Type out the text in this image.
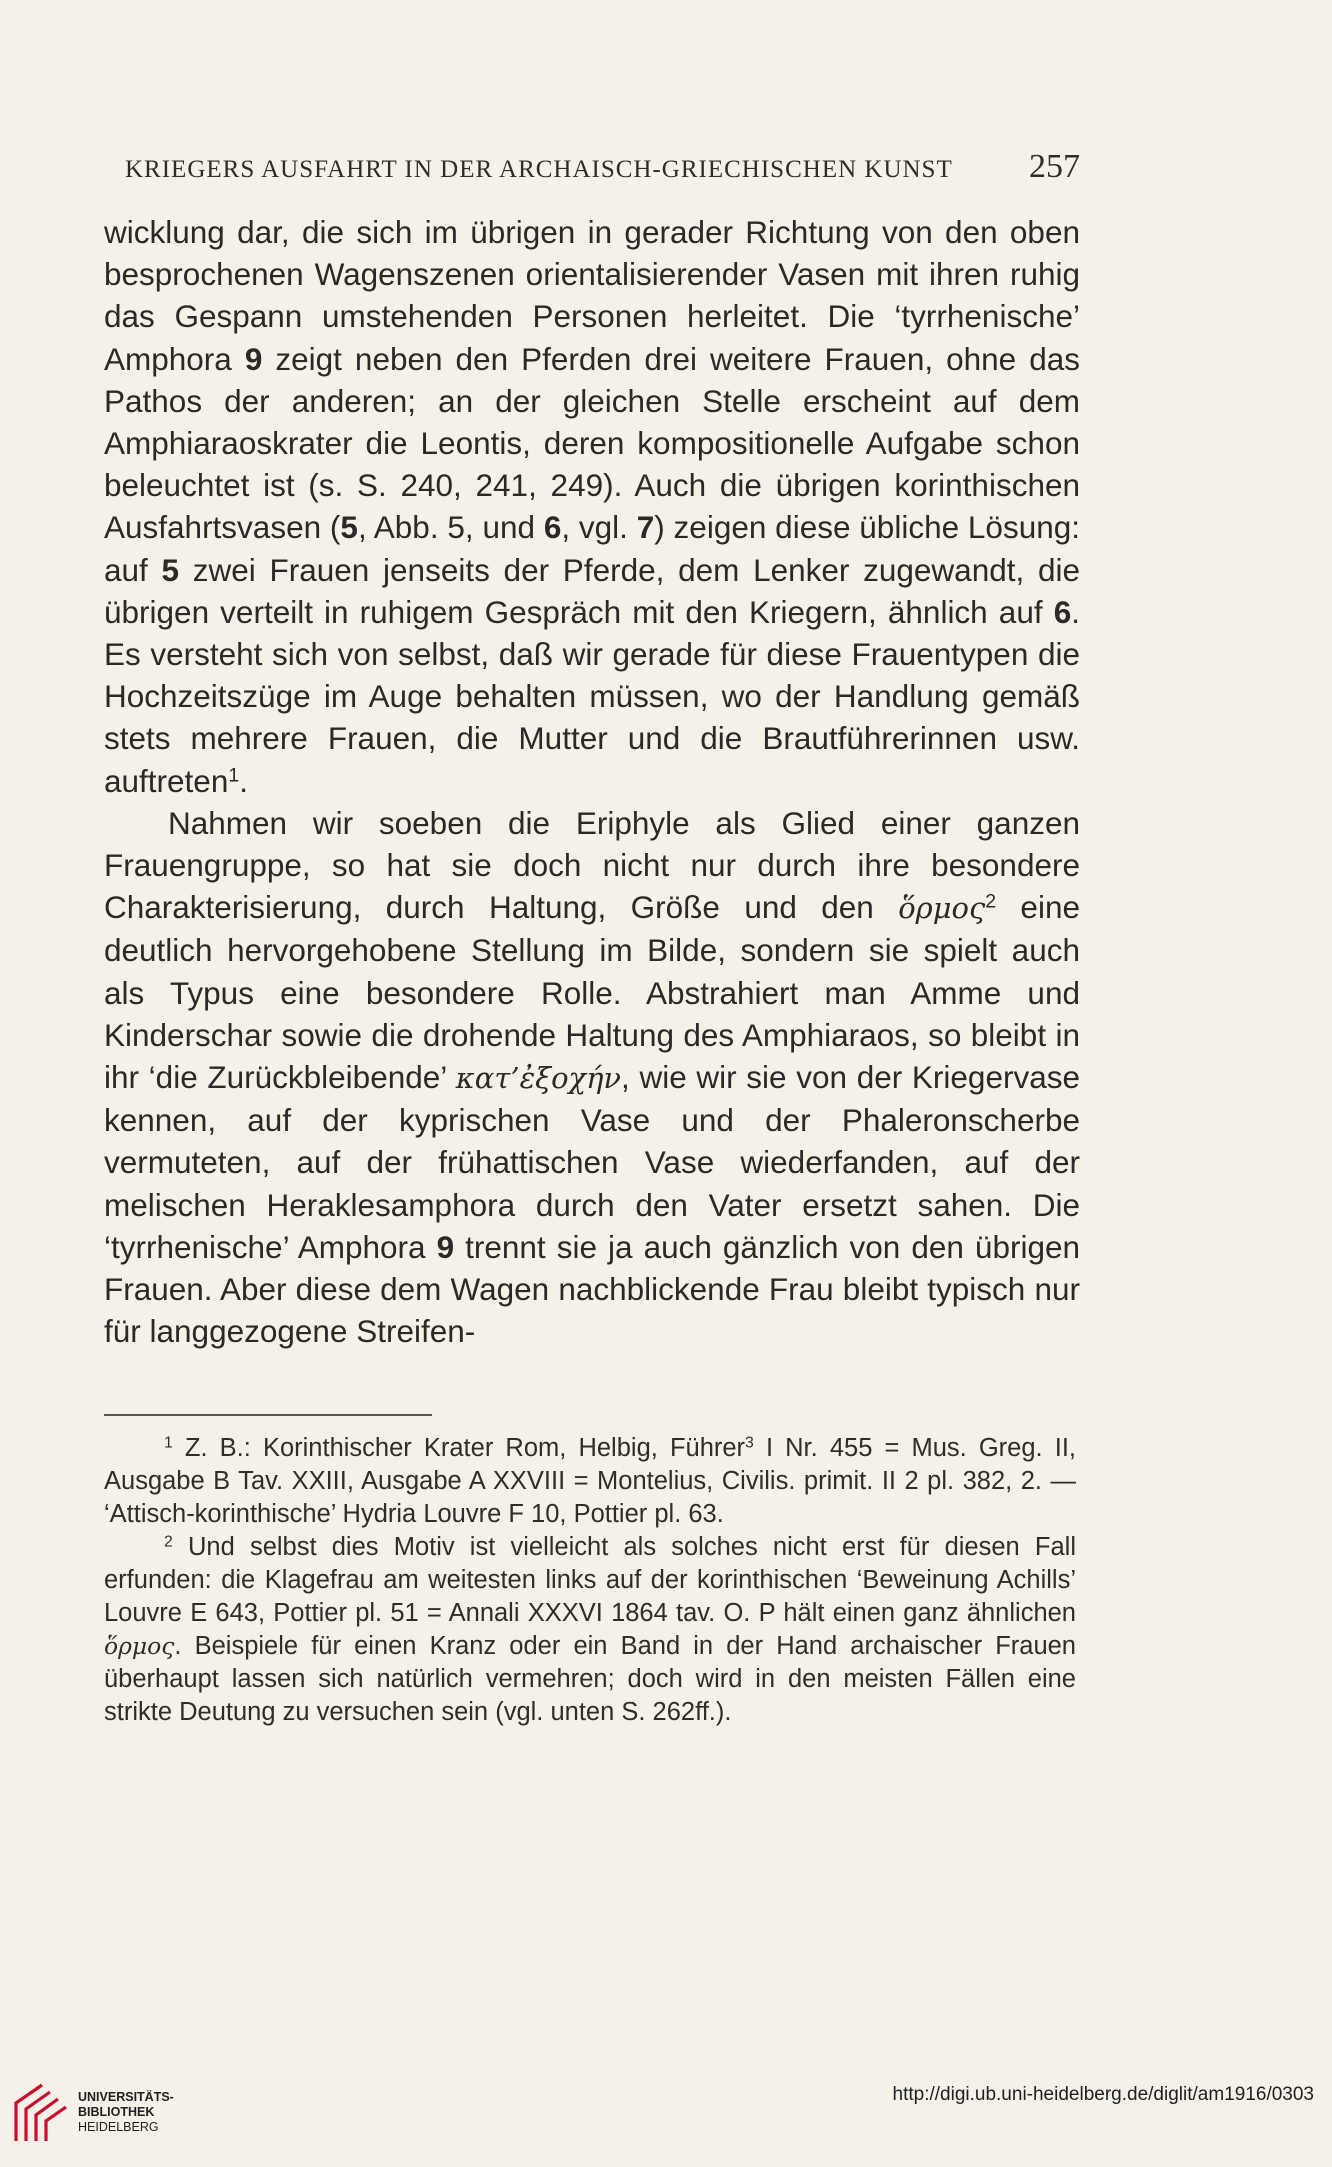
KRIEGERS AUSFAHRT IN DER ARCHAISCH-GRIECHISCHEN KUNST 257

wicklung dar, die sich im übrigen in gerader Richtung von den oben besprochenen Wagenszenen orientalisierender Vasen mit ihren ruhig das Gespann umstehenden Personen herleitet. Die ‘tyrrhenische’ Amphora 9 zeigt neben den Pferden drei weitere Frauen, ohne das Pathos der anderen; an der gleichen Stelle erscheint auf dem Amphiaraoskrater die Leontis, deren kompositionelle Aufgabe schon beleuchtet ist (s. S. 240, 241, 249). Auch die übrigen korinthischen Ausfahrtsvasen (5, Abb. 5, und 6, vgl. 7) zeigen diese übliche Lösung: auf 5 zwei Frauen jenseits der Pferde, dem Lenker zugewandt, die übrigen verteilt in ruhigem Gespräch mit den Kriegern, ähnlich auf 6. Es versteht sich von selbst, daß wir gerade für diese Frauentypen die Hochzeitszüge im Auge behalten müssen, wo der Handlung gemäß stets mehrere Frauen, die Mutter und die Brautführerinnen usw. auftreten$^1$.

Nahmen wir soeben die Eriphyle als Glied einer ganzen Frauengruppe, so hat sie doch nicht nur durch ihre besondere Charakterisierung, durch Haltung, Größe und den ὅρμος$^2$ eine deutlich hervorgehobene Stellung im Bilde, sondern sie spielt auch als Typus eine besondere Rolle. Abstrahiert man Amme und Kinderschar sowie die drohende Haltung des Amphiaraos, so bleibt in ihr ‘die Zurückbleibende’ κατ’ἐξοχήν, wie wir sie von der Kriegervase kennen, auf der kyprischen Vase und der Phaleronscherbe vermuteten, auf der frühattischen Vase wiederfanden, auf der melischen Heraklesamphora durch den Vater ersetzt sahen. Die ‘tyrrhenische’ Amphora 9 trennt sie ja auch gänzlich von den übrigen Frauen. Aber diese dem Wagen nachblickende Frau bleibt typisch nur für langgezogene Streifen-

$^1$ Z. B.: Korinthischer Krater Rom, Helbig, Führer$^3$ I Nr. 455 = Mus. Greg. II, Ausgabe B Tav. XXIII, Ausgabe A XXVIII = Montelius, Civilis. primit. II 2 pl. 382, 2. — ‘Attisch-korinthische’ Hydria Louvre F 10, Pottier pl. 63.

$^2$ Und selbst dies Motiv ist vielleicht als solches nicht erst für diesen Fall erfunden: die Klagefrau am weitesten links auf der korinthischen ‘Beweinung Achills’ Louvre E 643, Pottier pl. 51 = Annali XXXVI 1864 tav. O. P hält einen ganz ähnlichen ὅρμος. Beispiele für einen Kranz oder ein Band in der Hand archaischer Frauen überhaupt lassen sich natürlich vermehren; doch wird in den meisten Fällen eine strikte Deutung zu versuchen sein (vgl. unten S. 262ff.).

UNIVERSITÄTS-
BIBLIOTHEK
HEIDELBERG
http://digi.ub.uni-heidelberg.de/diglit/am1916/0303
